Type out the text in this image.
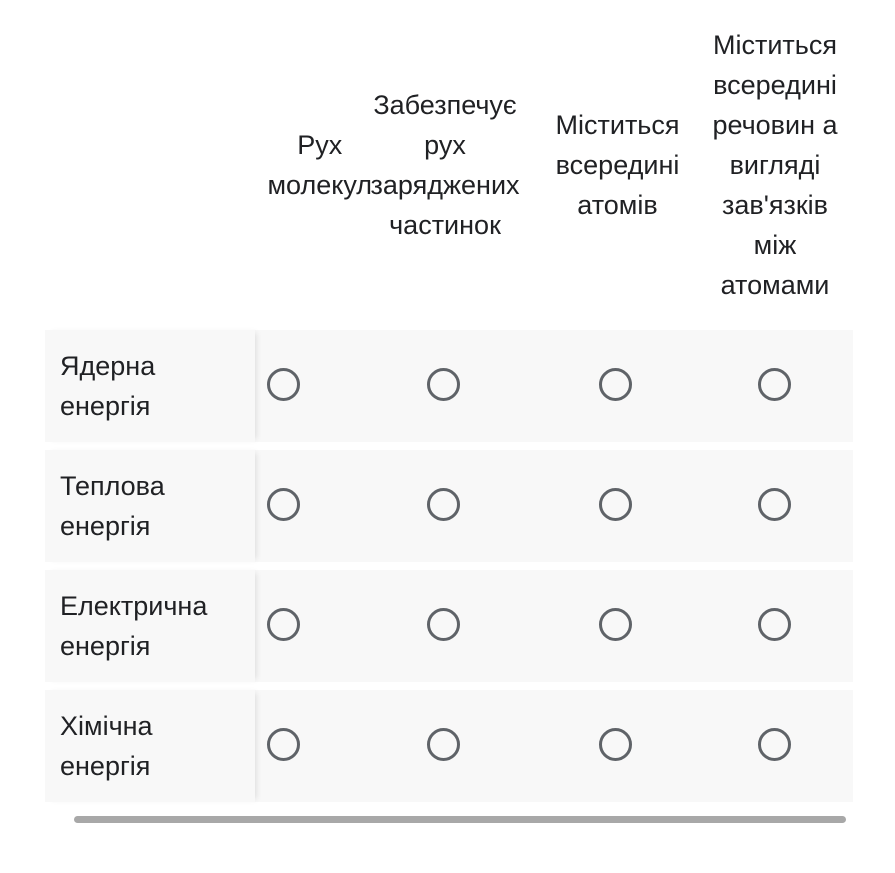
Рух
молекул
Забезпечує
рух
заряджених
частинок
Міститься
всередині
атомів
Міститься
всередині
речовин а
вигляді
зав'язків
між
атомами
Ядерна
енергія
Теплова
енергія
Електрична
енергія
Хімічна
енергія
